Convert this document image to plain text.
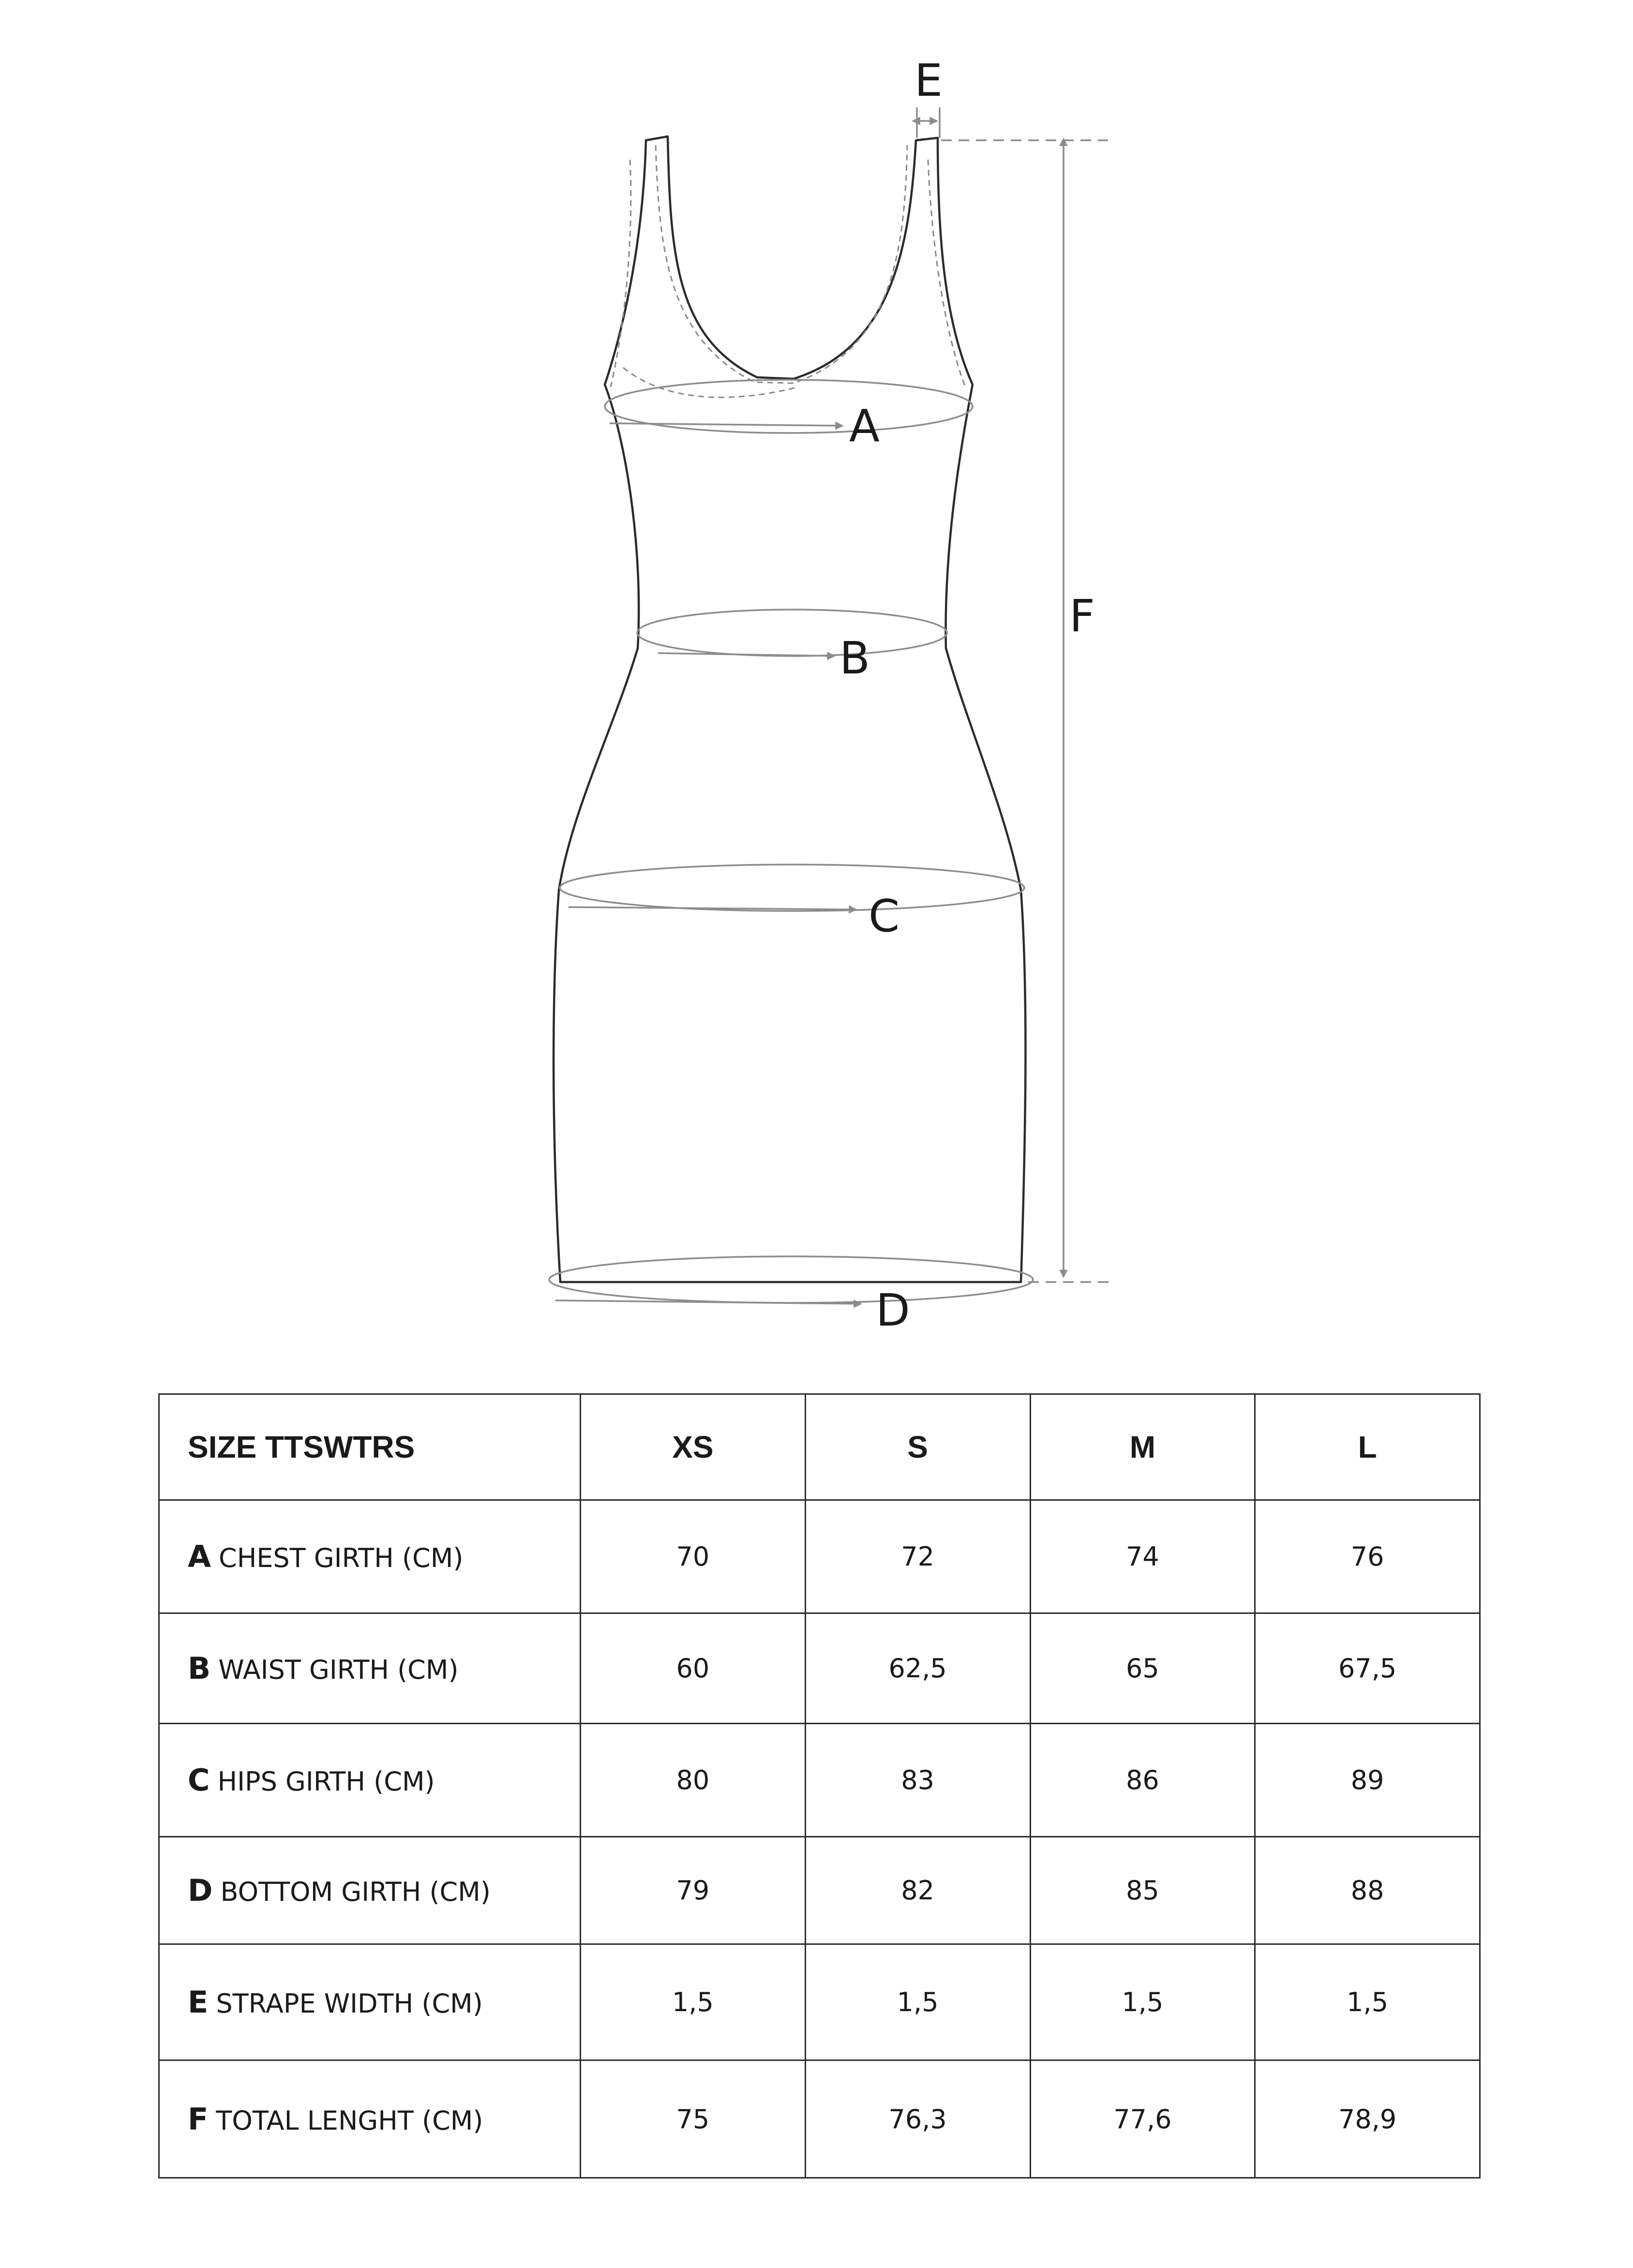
A
B
C
D
E
F
SIZE TTSWTRS	XS	S	M	L
A CHEST GIRTH (CM)	70	72	74	76
B WAIST GIRTH (CM)	60	62,5	65	67,5
C HIPS GIRTH (CM)	80	83	86	89
D BOTTOM GIRTH (CM)	79	82	85	88
E STRAPE WIDTH (CM)	1,5	1,5	1,5	1,5
F TOTAL LENGHT (CM)	75	76,3	77,6	78,9
